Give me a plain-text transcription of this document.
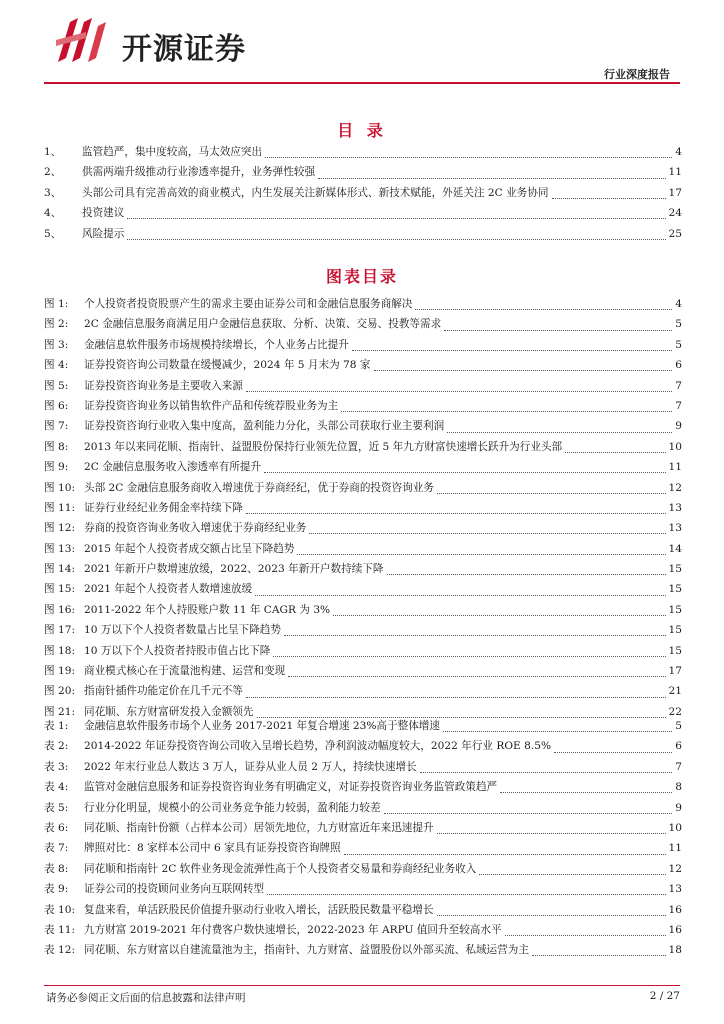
开源证券
行业深度报告
目 录
1、	监管趋严，集中度较高，马太效应突出	4
2、	供需两端升级推动行业渗透率提升，业务弹性较强	11
3、	头部公司具有完善高效的商业模式，内生发展关注新媒体形式、新技术赋能，外延关注 2C 业务协同	17
4、	投资建议	24
5、	风险提示	25
图表目录
图 1:	个人投资者投资股票产生的需求主要由证券公司和金融信息服务商解决	4
图 2:	2C 金融信息服务商满足用户金融信息获取、分析、决策、交易、投教等需求	5
图 3:	金融信息软件服务市场规模持续增长，个人业务占比提升	5
图 4:	证券投资咨询公司数量在缓慢减少，2024 年 5 月末为 78 家	6
图 5:	证券投资咨询业务是主要收入来源	7
图 6:	证券投资咨询业务以销售软件产品和传统荐股业务为主	7
图 7:	证券投资咨询行业收入集中度高，盈利能力分化，头部公司获取行业主要利润	9
图 8:	2013 年以来同花顺、指南针、益盟股份保持行业领先位置，近 5 年九方财富快速增长跃升为行业头部	10
图 9:	2C 金融信息服务收入渗透率有所提升	11
图 10: 头部 2C 金融信息服务商收入增速优于券商经纪，优于券商的投资咨询业务	12
图 11: 证券行业经纪业务佣金率持续下降	13
图 12: 券商的投资咨询业务收入增速优于券商经纪业务	13
图 13: 2015 年起个人投资者成交额占比呈下降趋势	14
图 14: 2021 年新开户数增速放缓，2022、2023 年新开户数持续下降	15
图 15: 2021 年起个人投资者人数增速放缓	15
图 16: 2011-2022 年个人持股账户数 11 年 CAGR 为 3%	15
图 17: 10 万以下个人投资者数量占比呈下降趋势	15
图 18: 10 万以下个人投资者持股市值占比下降	15
图 19: 商业模式核心在于流量池构建、运营和变现	17
图 20: 指南针插件功能定价在几千元不等	21
图 21: 同花顺、东方财富研发投入金额领先	22
表 1:	金融信息软件服务市场个人业务 2017-2021 年复合增速 23%高于整体增速	5
表 2:	2014-2022 年证券投资咨询公司收入呈增长趋势，净利润波动幅度较大，2022 年行业 ROE 8.5%	6
表 3:	2022 年末行业总人数达 3 万人，证券从业人员 2 万人，持续快速增长	7
表 4:	监管对金融信息服务和证券投资咨询业务有明确定义，对证券投资咨询业务监管政策趋严	8
表 5:	行业分化明显，规模小的公司业务竞争能力较弱，盈利能力较差	9
表 6:	同花顺、指南针份额（占样本公司）居领先地位，九方财富近年来迅速提升	10
表 7:	牌照对比：8 家样本公司中 6 家具有证券投资咨询牌照	11
表 8:	同花顺和指南针 2C 软件业务现金流弹性高于个人投资者交易量和券商经纪业务收入	12
表 9:	证券公司的投资顾问业务向互联网转型	13
表 10: 复盘来看，单活跃股民价值提升驱动行业收入增长，活跃股民数量平稳增长	16
表 11: 九方财富 2019-2021 年付费客户数快速增长，2022-2023 年 ARPU 值回升至较高水平	16
表 12: 同花顺、东方财富以自建流量池为主，指南针、九方财富、益盟股份以外部买流、私域运营为主	18
请务必参阅正文后面的信息披露和法律声明	2 / 27
